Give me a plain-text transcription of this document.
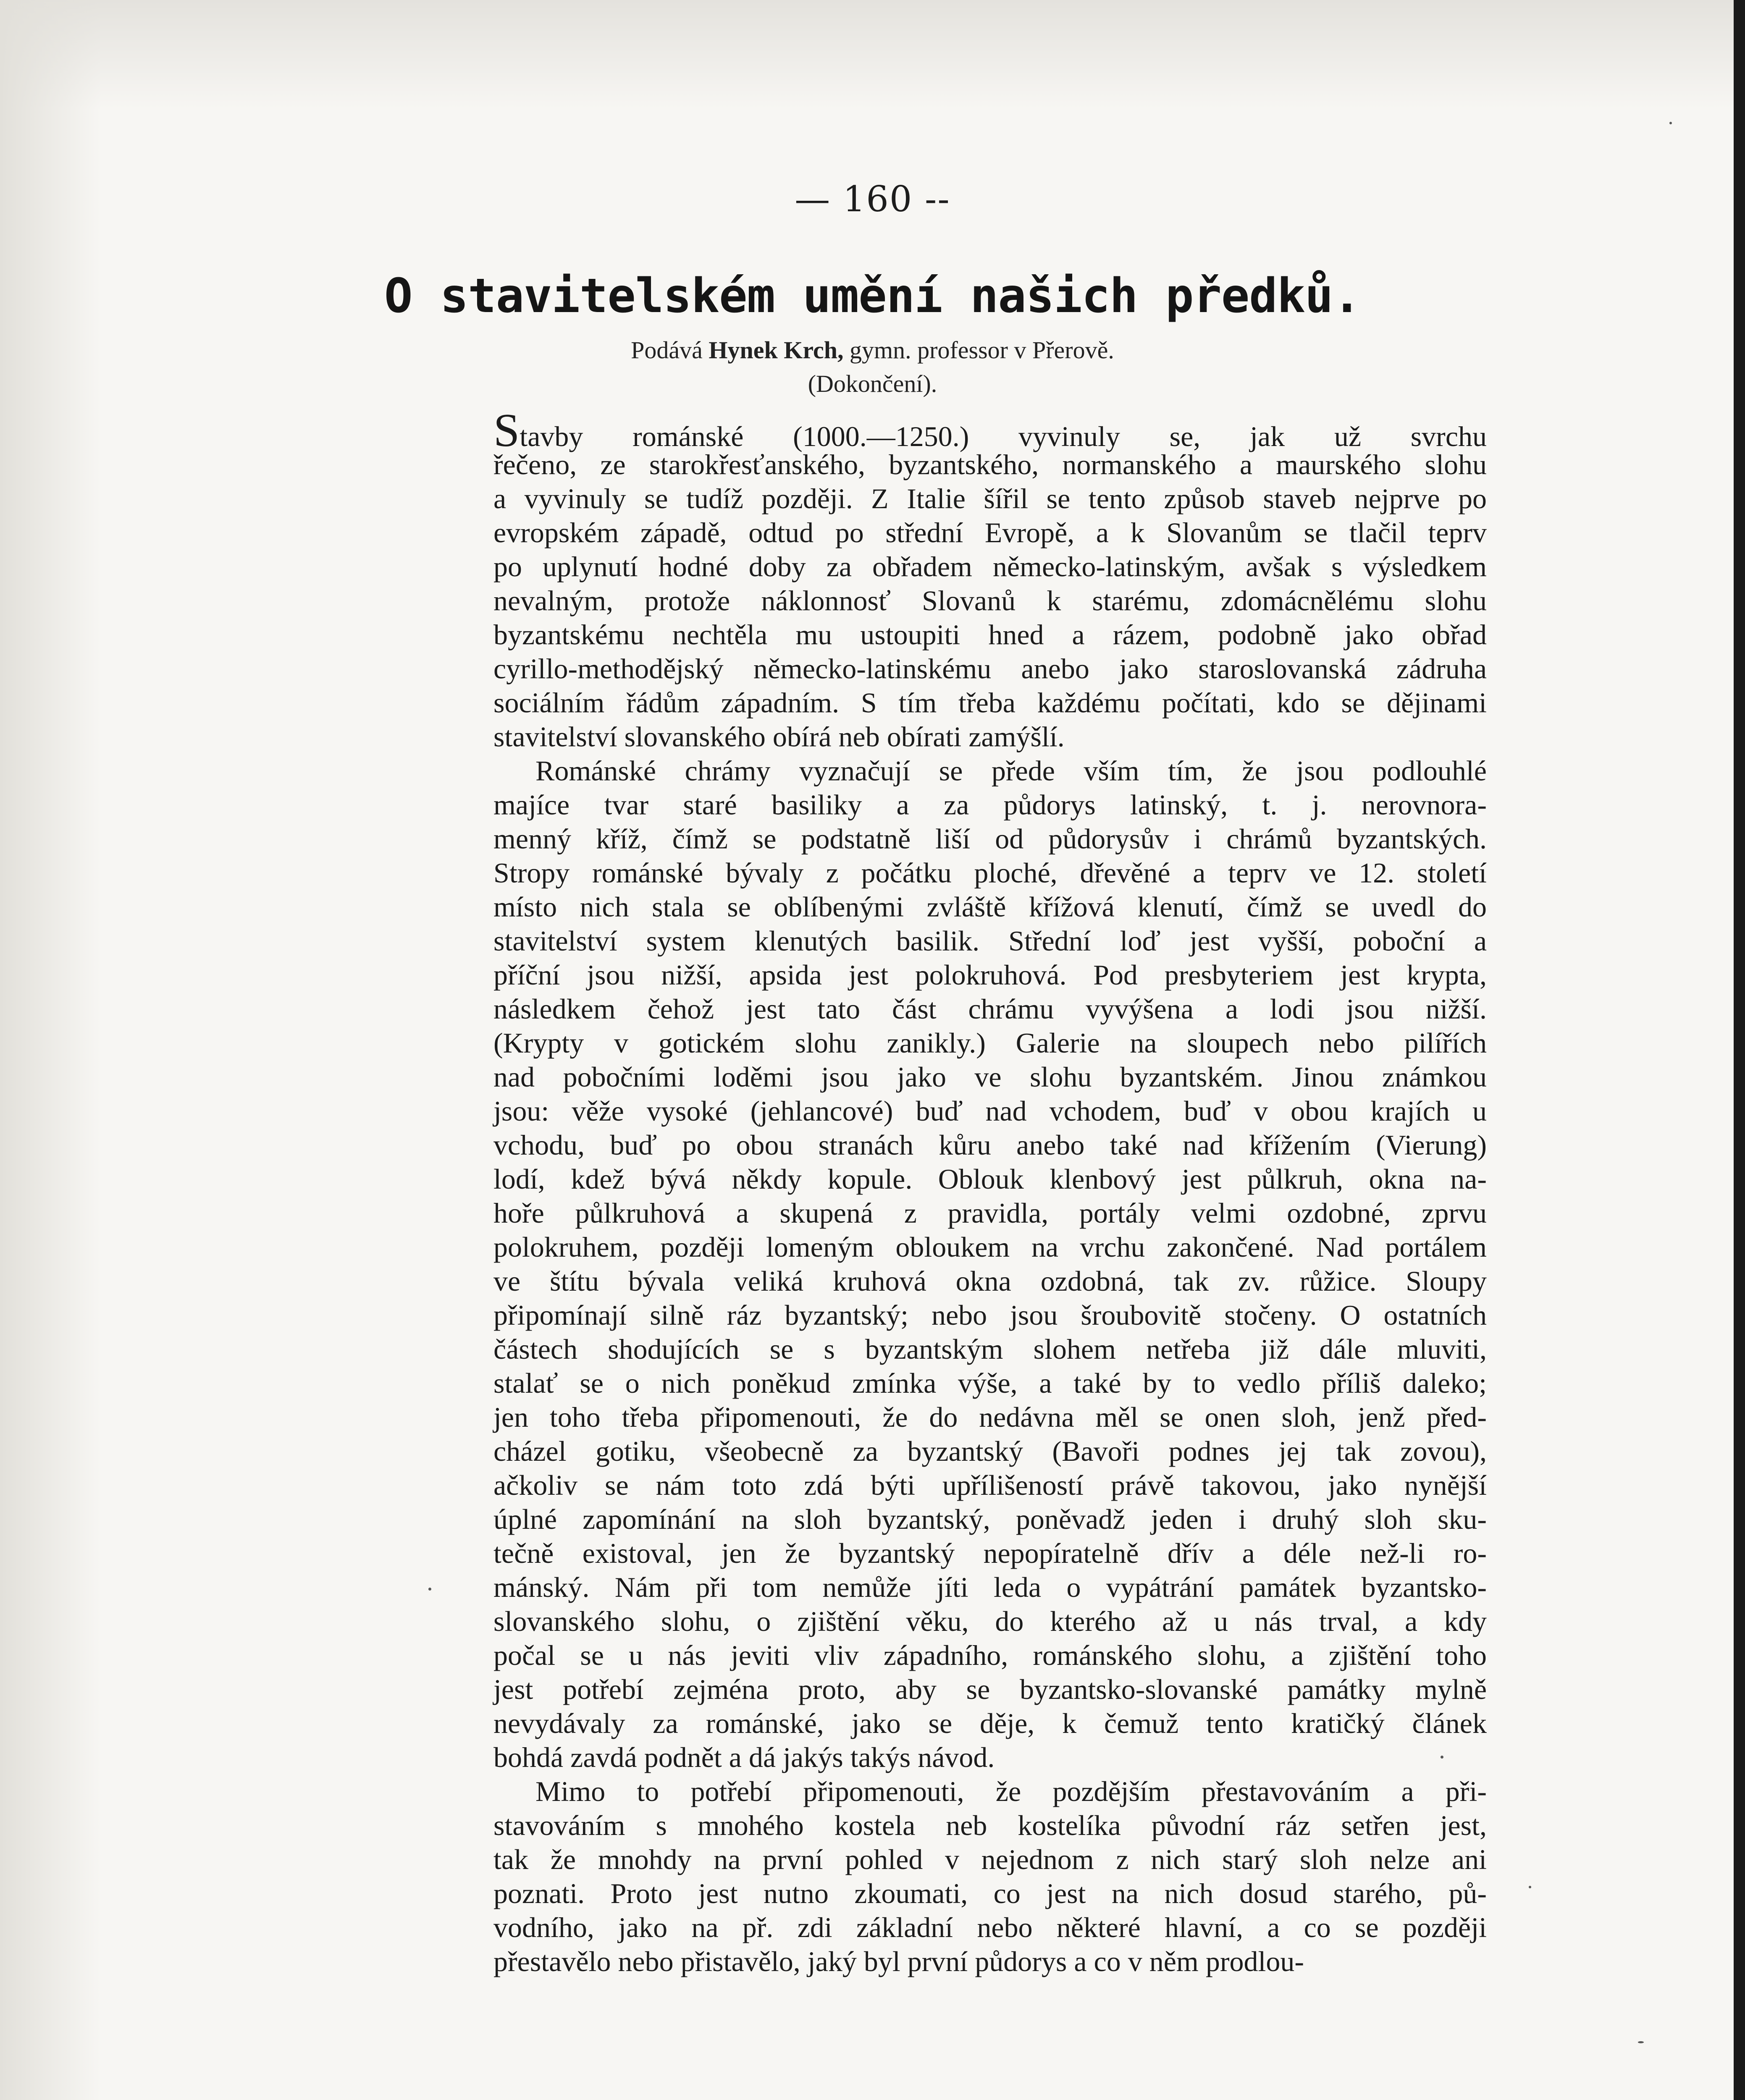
— 160 --
O stavitelském umění našich předků.
Podává Hynek Krch, gymn. professor v Přerově.
(Dokončení).
Stavby románské (1000.—1250.) vyvinuly se, jak už svrchu
řečeno, ze starokřesťanského, byzantského, normanského a maurského slohu
a vyvinuly se tudíž později. Z Italie šířil se tento způsob staveb nejprve po
evropském západě, odtud po střední Evropě, a k Slovanům se tlačil teprv
po uplynutí hodné doby za obřadem německo-latinským, avšak s výsledkem
nevalným, protože náklonnosť Slovanů k starému, zdomácnělému slohu
byzantskému nechtěla mu ustoupiti hned a rázem, podobně jako obřad
cyrillo-methodějský německo-latinskému anebo jako staroslovanská zádruha
sociálním řádům západním. S tím třeba každému počítati, kdo se dějinami
stavitelství slovanského obírá neb obírati zamýšlí.
Románské chrámy vyznačují se přede vším tím, že jsou podlouhlé
majíce tvar staré basiliky a za půdorys latinský, t. j. nerovnora-
menný kříž, čímž se podstatně liší od půdorysův i chrámů byzantských.
Stropy románské bývaly z počátku ploché, dřevěné a teprv ve 12. století
místo nich stala se oblíbenými zvláště křížová klenutí, čímž se uvedl do
stavitelství system klenutých basilik. Střední loď jest vyšší, poboční a
příční jsou nižší, apsida jest polokruhová. Pod presbyteriem jest krypta,
následkem čehož jest tato část chrámu vyvýšena a lodi jsou nižší.
(Krypty v gotickém slohu zanikly.) Galerie na sloupech nebo pilířích
nad pobočními loděmi jsou jako ve slohu byzantském. Jinou známkou
jsou: věže vysoké (jehlancové) buď nad vchodem, buď v obou krajích u
vchodu, buď po obou stranách kůru anebo také nad křížením (Vierung)
lodí, kdež bývá někdy kopule. Oblouk klenbový jest půlkruh, okna na-
hoře půlkruhová a skupená z pravidla, portály velmi ozdobné, zprvu
polokruhem, později lomeným obloukem na vrchu zakončené. Nad portálem
ve štítu bývala veliká kruhová okna ozdobná, tak zv. růžice. Sloupy
připomínají silně ráz byzantský; nebo jsou šroubovitě stočeny. O ostatních
částech shodujících se s byzantským slohem netřeba již dále mluviti,
stalať se o nich poněkud zmínka výše, a také by to vedlo příliš daleko;
jen toho třeba připomenouti, že do nedávna měl se onen sloh, jenž před-
cházel gotiku, všeobecně za byzantský (Bavoři podnes jej tak zovou),
ačkoliv se nám toto zdá býti upřílišeností právě takovou, jako nynější
úplné zapomínání na sloh byzantský, poněvadž jeden i druhý sloh sku-
tečně existoval, jen že byzantský nepopíratelně dřív a déle než-li ro-
mánský. Nám při tom nemůže jíti leda o vypátrání památek byzantsko-
slovanského slohu, o zjištění věku, do kterého až u nás trval, a kdy
počal se u nás jeviti vliv západního, románského slohu, a zjištění toho
jest potřebí zejména proto, aby se byzantsko-slovanské památky mylně
nevydávaly za románské, jako se děje, k čemuž tento kratičký článek
bohdá zavdá podnět a dá jakýs takýs návod.
Mimo to potřebí připomenouti, že pozdějším přestavováním a při-
stavováním s mnohého kostela neb kostelíka původní ráz setřen jest,
tak že mnohdy na první pohled v nejednom z nich starý sloh nelze ani
poznati. Proto jest nutno zkoumati, co jest na nich dosud starého, pů-
vodního, jako na př. zdi základní nebo některé hlavní, a co se později
přestavělo nebo přistavělo, jaký byl první půdorys a co v něm prodlou-
